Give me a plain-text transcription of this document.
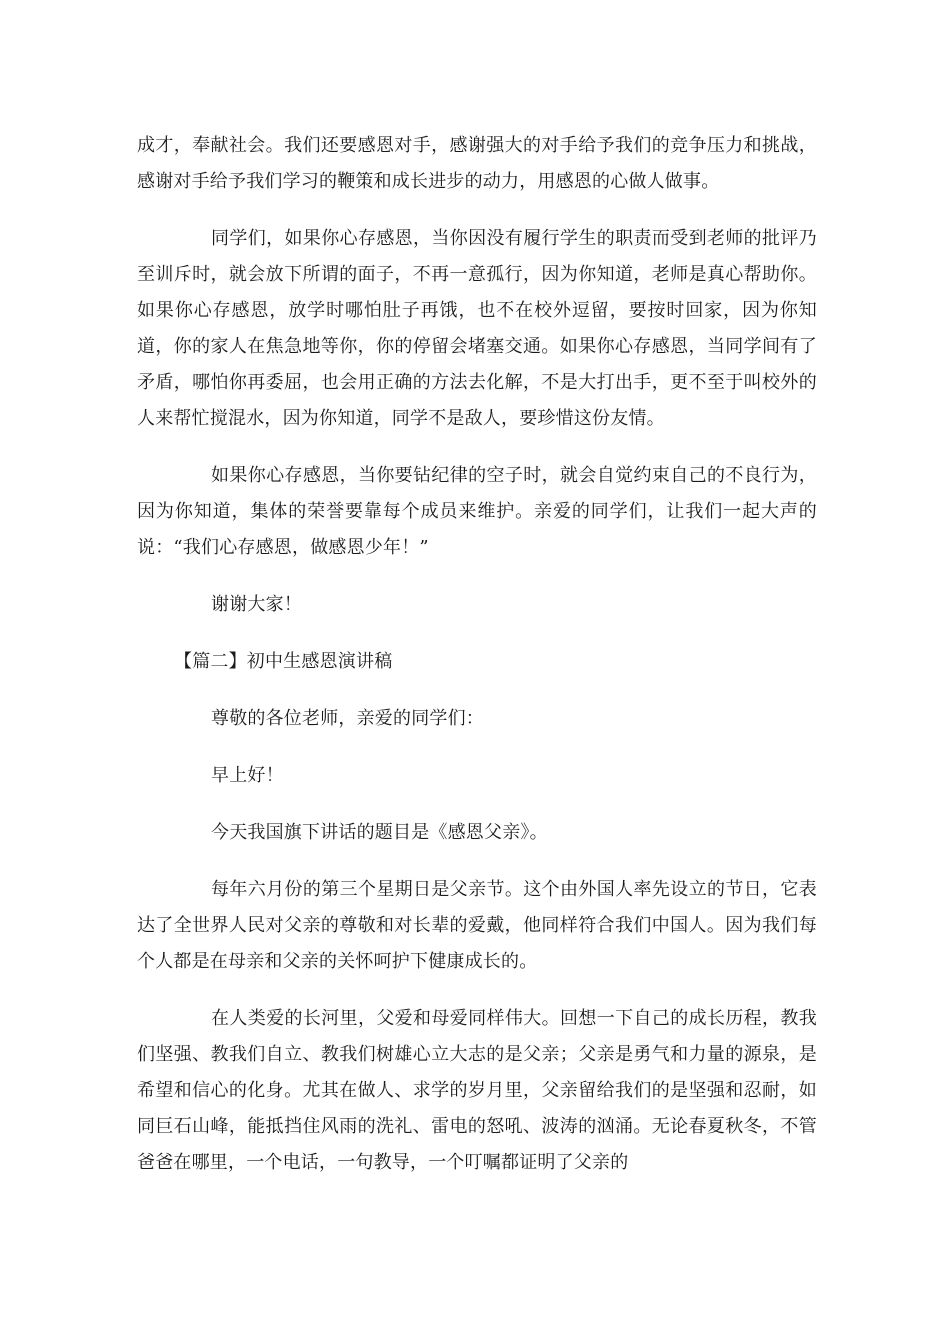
成才，奉献社会。我们还要感恩对手，感谢强大的对手给予我们的竞争压力和挑战，感谢对手给予我们学习的鞭策和成长进步的动力，用感恩的心做人做事。

同学们，如果你心存感恩，当你因没有履行学生的职责而受到老师的批评乃至训斥时，就会放下所谓的面子，不再一意孤行，因为你知道，老师是真心帮助你。如果你心存感恩，放学时哪怕肚子再饿，也不在校外逗留，要按时回家，因为你知道，你的家人在焦急地等你，你的停留会堵塞交通。如果你心存感恩，当同学间有了矛盾，哪怕你再委屈，也会用正确的方法去化解，不是大打出手，更不至于叫校外的人来帮忙搅混水，因为你知道，同学不是敌人，要珍惜这份友情。

如果你心存感恩，当你要钻纪律的空子时，就会自觉约束自己的不良行为，因为你知道，集体的荣誉要靠每个成员来维护。亲爱的同学们，让我们一起大声的说：“我们心存感恩，做感恩少年！”

谢谢大家！

【篇二】初中生感恩演讲稿

尊敬的各位老师，亲爱的同学们：

早上好！

今天我国旗下讲话的题目是《感恩父亲》。

每年六月份的第三个星期日是父亲节。这个由外国人率先设立的节日，它表达了全世界人民对父亲的尊敬和对长辈的爱戴，他同样符合我们中国人。因为我们每个人都是在母亲和父亲的关怀呵护下健康成长的。

在人类爱的长河里，父爱和母爱同样伟大。回想一下自己的成长历程，教我们坚强、教我们自立、教我们树雄心立大志的是父亲；父亲是勇气和力量的源泉，是希望和信心的化身。尤其在做人、求学的岁月里，父亲留给我们的是坚强和忍耐，如同巨石山峰，能抵挡住风雨的洗礼、雷电的怒吼、波涛的汹涌。无论春夏秋冬，不管爸爸在哪里，一个电话，一句教导，一个叮嘱都证明了父亲的
